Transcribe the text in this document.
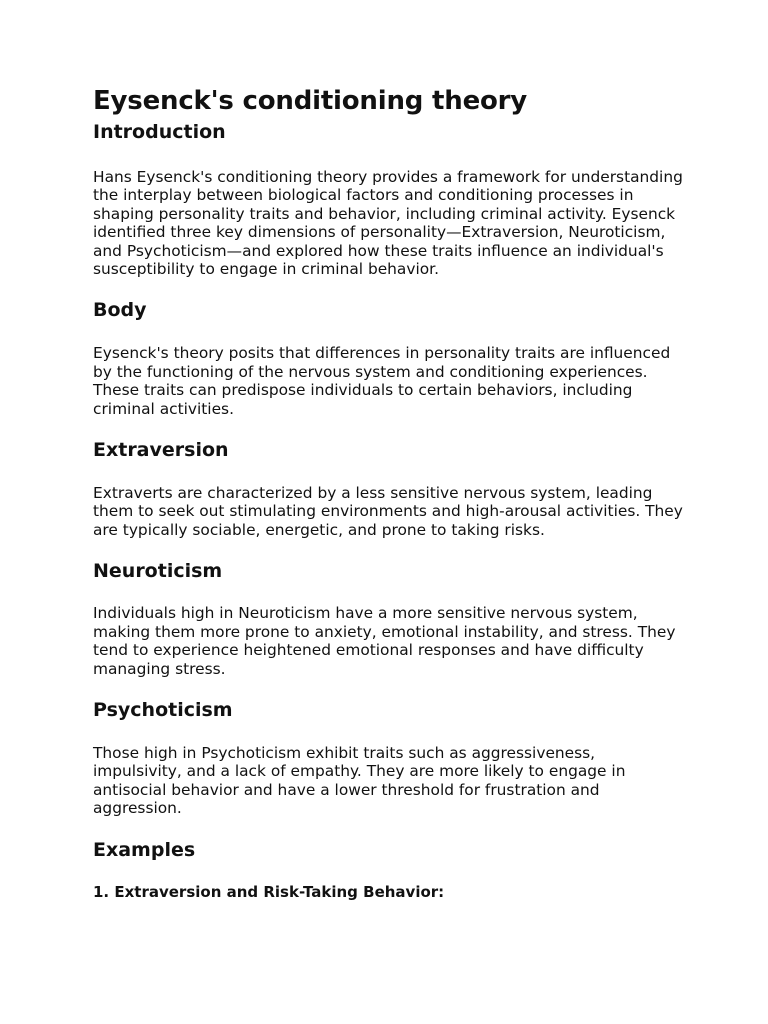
Eysenck's conditioning theory
Introduction

Hans Eysenck's conditioning theory provides a framework for understanding the interplay between biological factors and conditioning processes in shaping personality traits and behavior, including criminal activity. Eysenck identified three key dimensions of personality—Extraversion, Neuroticism, and Psychoticism—and explored how these traits influence an individual's susceptibility to engage in criminal behavior.

Body

Eysenck's theory posits that differences in personality traits are influenced by the functioning of the nervous system and conditioning experiences. These traits can predispose individuals to certain behaviors, including criminal activities.

Extraversion

Extraverts are characterized by a less sensitive nervous system, leading them to seek out stimulating environments and high-arousal activities. They are typically sociable, energetic, and prone to taking risks.

Neuroticism

Individuals high in Neuroticism have a more sensitive nervous system, making them more prone to anxiety, emotional instability, and stress. They tend to experience heightened emotional responses and have difficulty managing stress.

Psychoticism

Those high in Psychoticism exhibit traits such as aggressiveness, impulsivity, and a lack of empathy. They are more likely to engage in antisocial behavior and have a lower threshold for frustration and aggression.

Examples
1. Extraversion and Risk-Taking Behavior:
